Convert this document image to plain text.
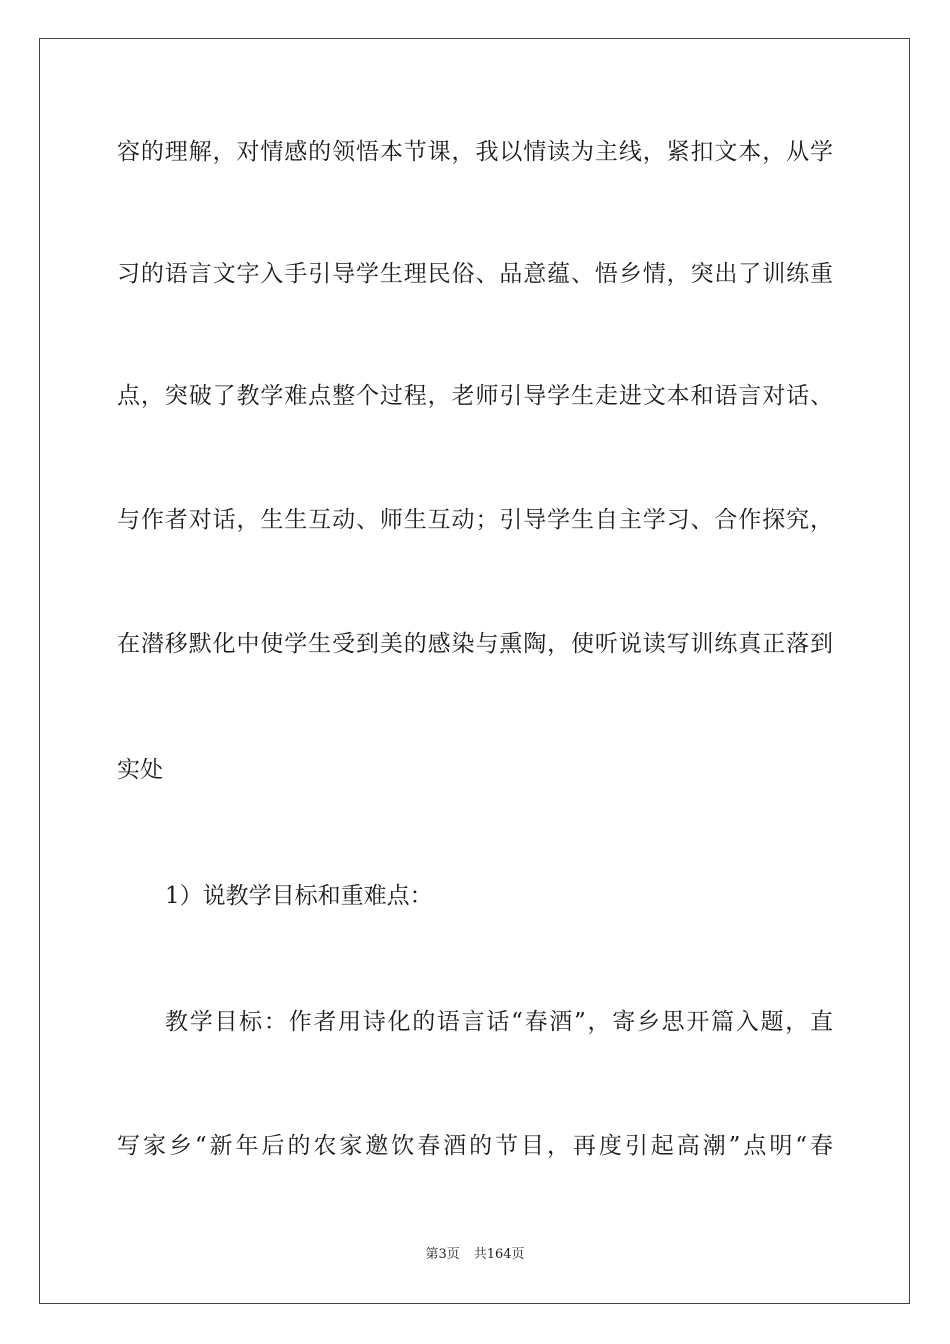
容的理解，对情感的领悟本节课，我以情读为主线，紧扣文本，从学
习的语言文字入手引导学生理民俗、品意蕴、悟乡情，突出了训练重
点，突破了教学难点整个过程，老师引导学生走进文本和语言对话、
与作者对话，生生互动、师生互动；引导学生自主学习、合作探究，
在潜移默化中使学生受到美的感染与熏陶，使听说读写训练真正落到
实处
1）说教学目标和重难点：
教学目标：作者用诗化的语言话“春酒”，寄乡思开篇入题，直
写家乡“新年后的农家邀饮春酒的节目，再度引起高潮”点明“春
第3页 共164页
